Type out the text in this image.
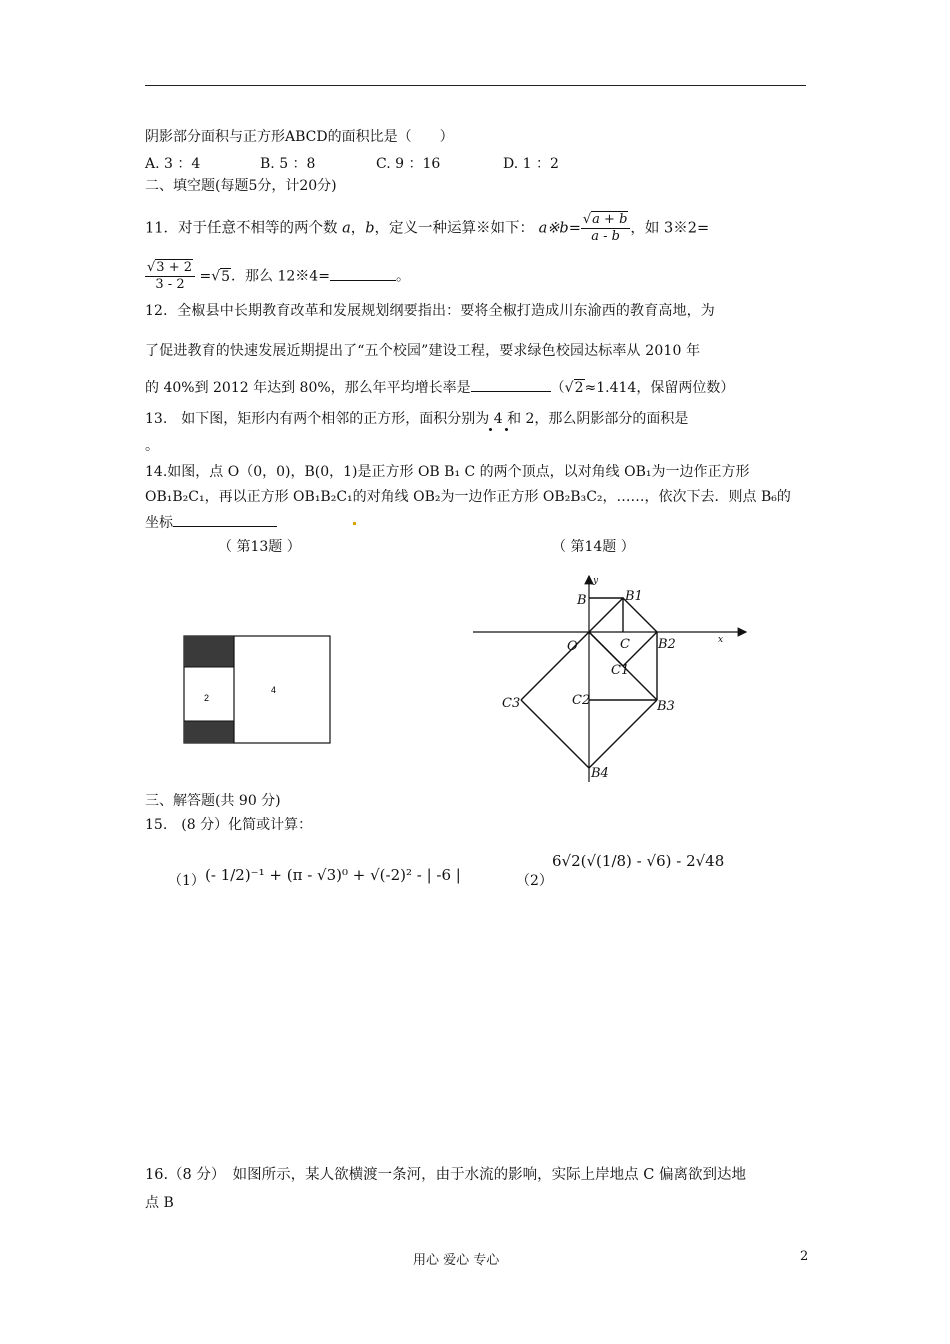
阴影部分面积与正方形ABCD的面积比是（　　）
A. 3 ：4	B. 5 ：8	C. 9 ：16	D. 1 ：2
二、填空题(每题5分，计20分)
11．对于任意不相等的两个数 a，b，定义一种运算※如下： a※b= $\frac{√a + b}{a - b}$ ，如 3※2=
$\frac{√3 + 2}{3 - 2} =√5$．那么 12※4=	。
12．全椒县中长期教育改革和发展规划纲要指出：要将全椒打造成川东渝西的教育高地，为
了促进教育的快速发展近期提出了“五个校园”建设工程，要求绿色校园达标率从 2010 年
的 40%到 2012 年达到 80%，那么年平均增长率是	（√2≈1.414，保留两位数）
13.　如下图，矩形内有两个相邻的正方形，面积分别为 4 和 2，那么阴影部分的面积是
。
14.如图，点 O（0，0)，B(0，1)是正方形 OB B₁ C 的两个顶点，以对角线 OB₁为一边作正方形
OB₁B₂C₁，再以正方形 OB₁B₂C₁的对角线 OB₂为一边作正方形 OB₂B₃C₂，……，依次下去．则点 B₆的
坐标
（ 第13题 ）	（ 第14题 ）
2
4
y
x
B	B1
O	C B2
C1
C2
C3	B3
B4
三、解答题(共 90 分)
15.　(8 分）化简或计算：
（1） (- 1/2)⁻¹ + (π - √3)⁰ + √(-2)² - | -6 |	（2）
6√2(√(1/8) - √6) - 2√48
16.（8 分）　如图所示，某人欲横渡一条河，由于水流的影响，实际上岸地点 C 偏离欲到达地
点 B
用心 爱心 专心	2
